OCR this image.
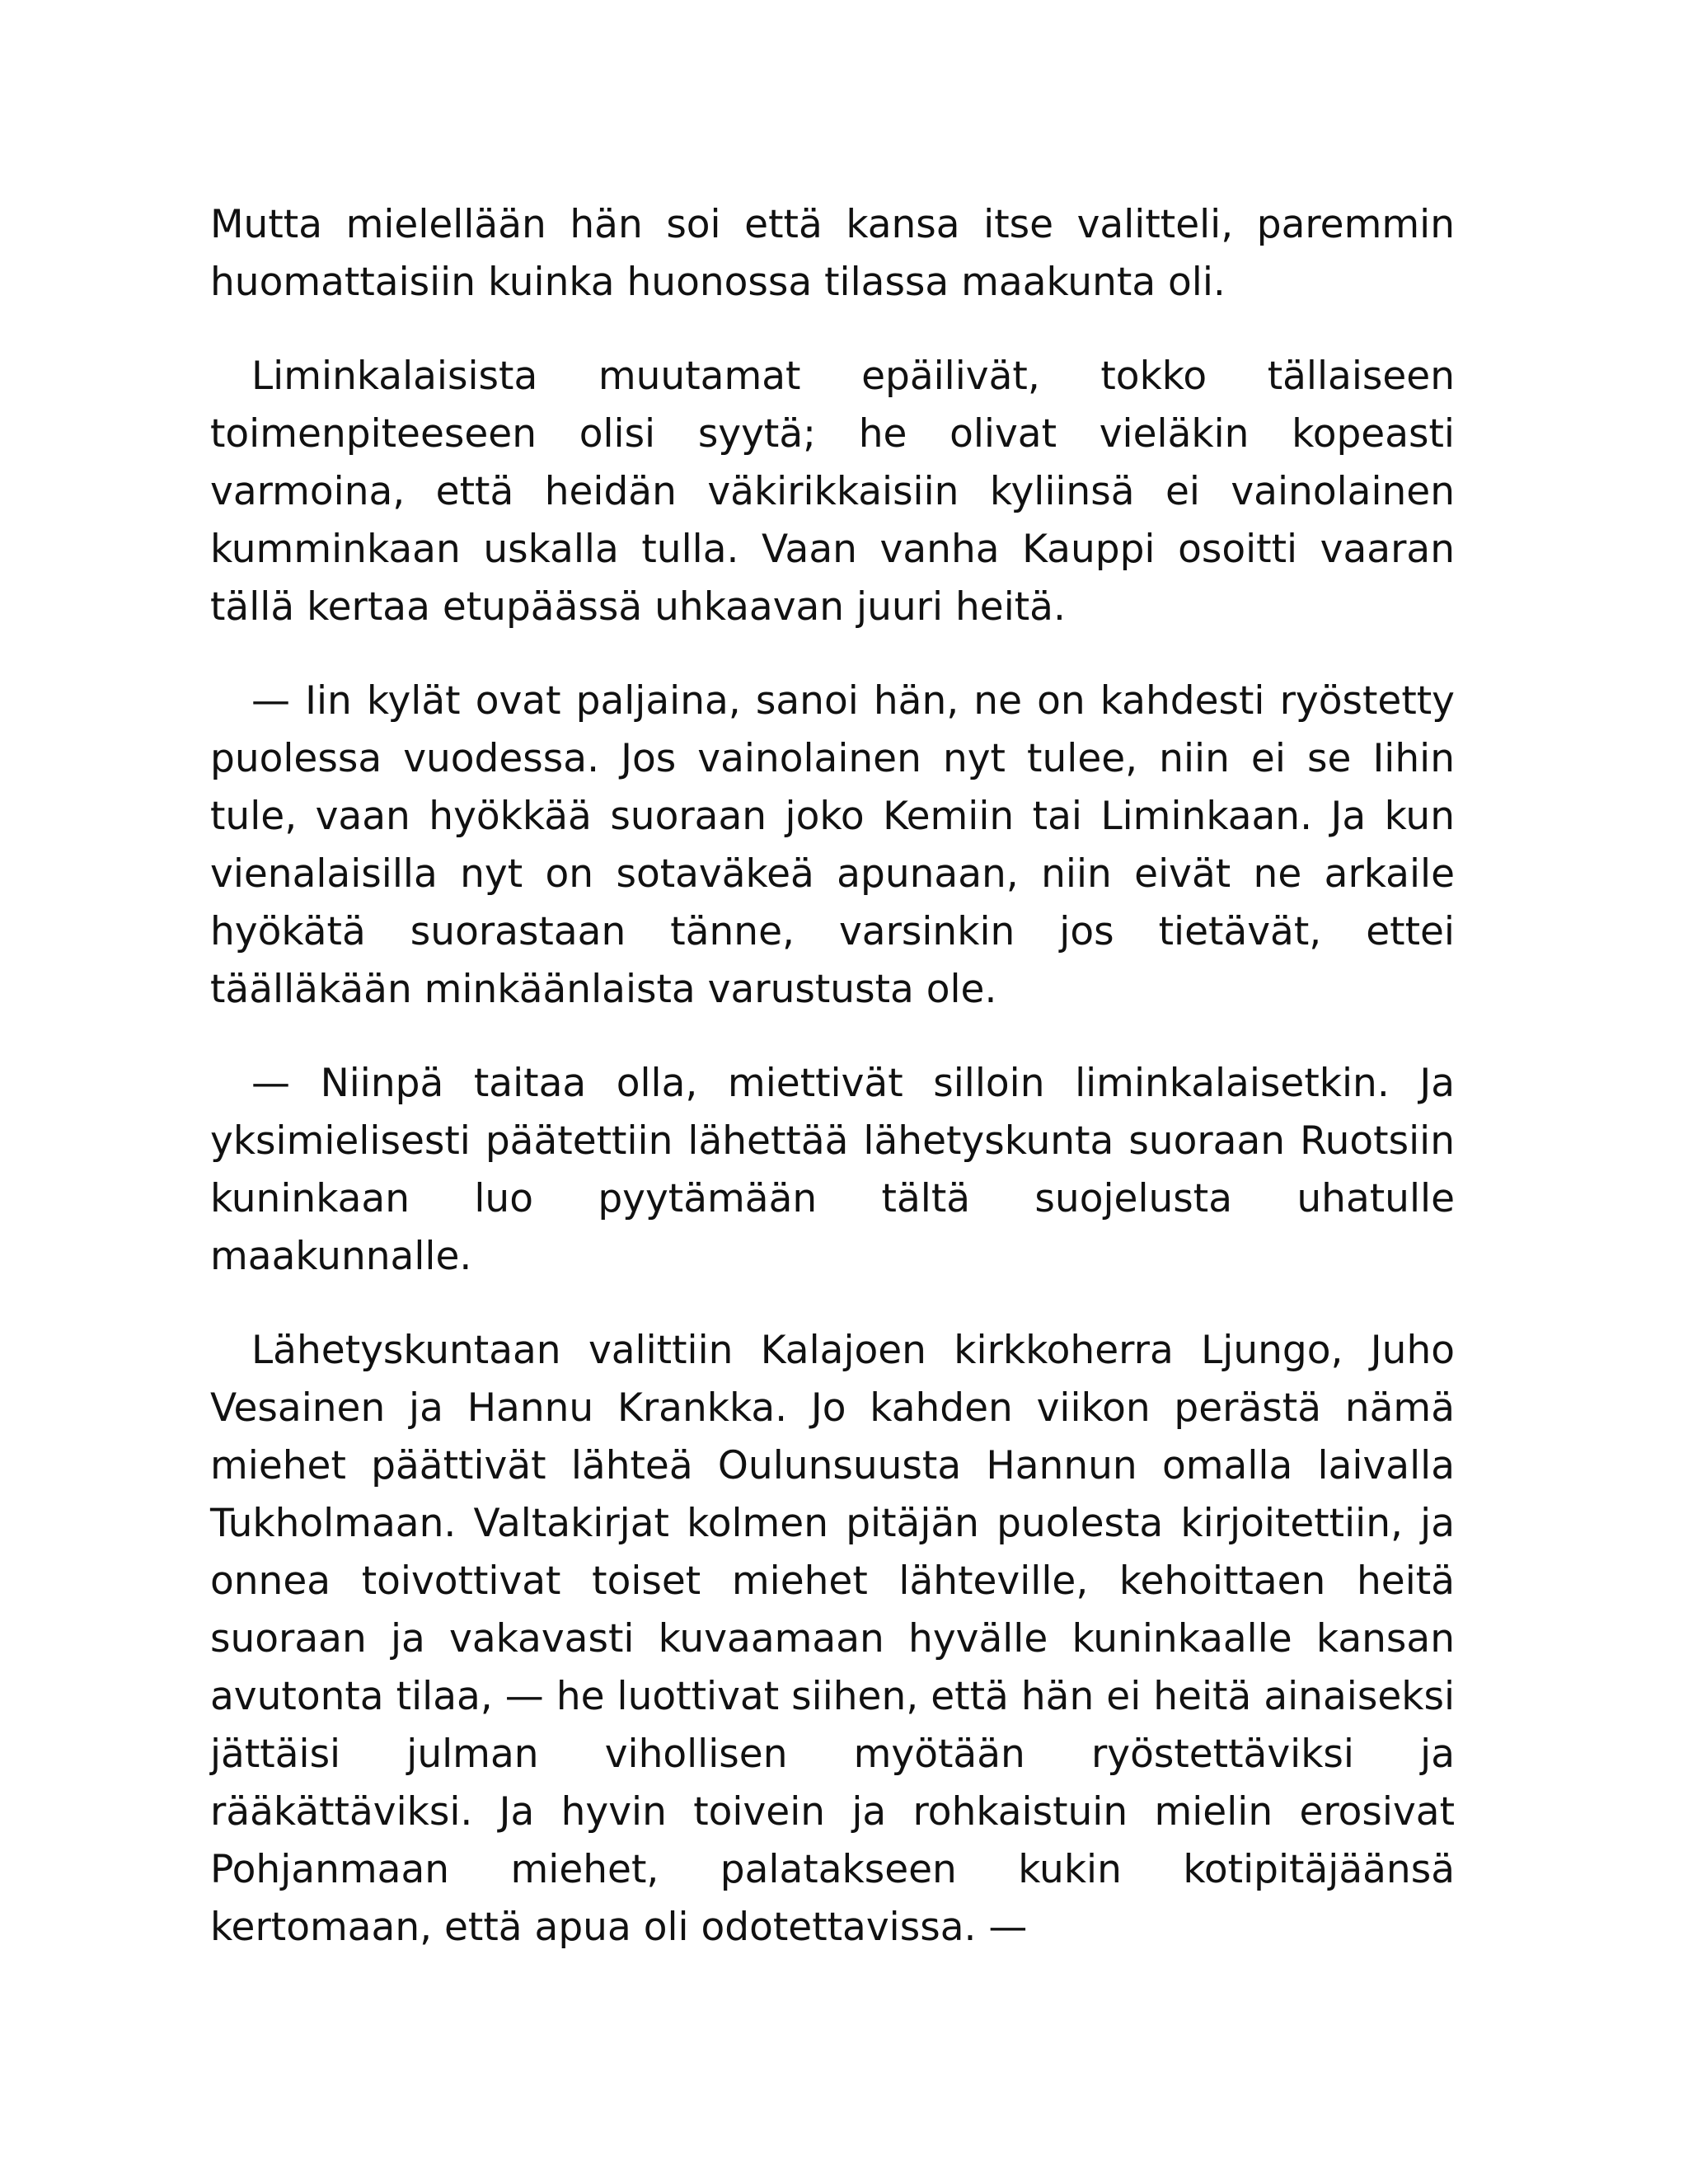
Mutta mielellään hän soi että kansa itse valitteli, paremmin huomattaisiin kuinka huonossa tilassa maakunta oli.

Liminkalaisista muutamat epäilivät, tokko tällaiseen toimenpiteeseen olisi syytä; he olivat vieläkin kopeasti varmoina, että heidän väkirikkaisiin kyliinsä ei vainolainen kumminkaan uskalla tulla. Vaan vanha Kauppi osoitti vaaran tällä kertaa etupäässä uhkaavan juuri heitä.

— Iin kylät ovat paljaina, sanoi hän, ne on kahdesti ryöstetty puolessa vuodessa. Jos vainolainen nyt tulee, niin ei se Iihin tule, vaan hyökkää suoraan joko Kemiin tai Liminkaan. Ja kun vienalaisilla nyt on sotaväkeä apunaan, niin eivät ne arkaile hyökätä suorastaan tänne, varsinkin jos tietävät, ettei täälläkään minkäänlaista varustusta ole.

— Niinpä taitaa olla, miettivät silloin liminkalaisetkin. Ja yksimielisesti päätettiin lähettää lähetyskunta suoraan Ruotsiin kuninkaan luo pyytämään tältä suojelusta uhatulle maakunnalle.

Lähetyskuntaan valittiin Kalajoen kirkkoherra Ljungo, Juho Vesainen ja Hannu Krankka. Jo kahden viikon perästä nämä miehet päättivät lähteä Oulunsuusta Hannun omalla laivalla Tukholmaan. Valtakirjat kolmen pitäjän puolesta kirjoitettiin, ja onnea toivottivat toiset miehet lähteville, kehoittaen heitä suoraan ja vakavasti kuvaamaan hyvälle kuninkaalle kansan avutonta tilaa, — he luottivat siihen, että hän ei heitä ainaiseksi jättäisi julman vihollisen myötään ryöstettäviksi ja rääkättäviksi. Ja hyvin toivein ja rohkaistuin mielin erosivat Pohjanmaan miehet, palatakseen kukin kotipitäjäänsä kertomaan, että apua oli odotettavissa. —
